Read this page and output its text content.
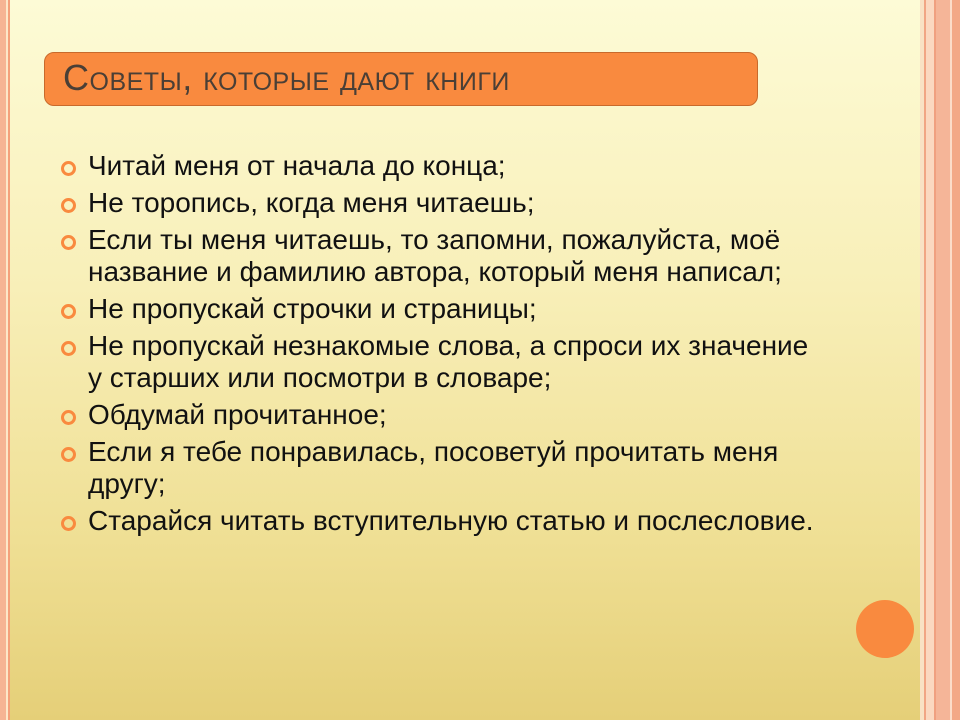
Советы, которые дают книги
Читай меня от начала до конца;
Не торопись, когда меня читаешь;
Если ты меня читаешь, то запомни, пожалуйста, моё название и фамилию автора, который меня написал;
Не пропускай строчки и страницы;
Не пропускай незнакомые слова, а спроси их значение у старших или посмотри в словаре;
Обдумай прочитанное;
Если я тебе понравилась, посоветуй прочитать меня другу;
Старайся читать вступительную статью и послесловие.
